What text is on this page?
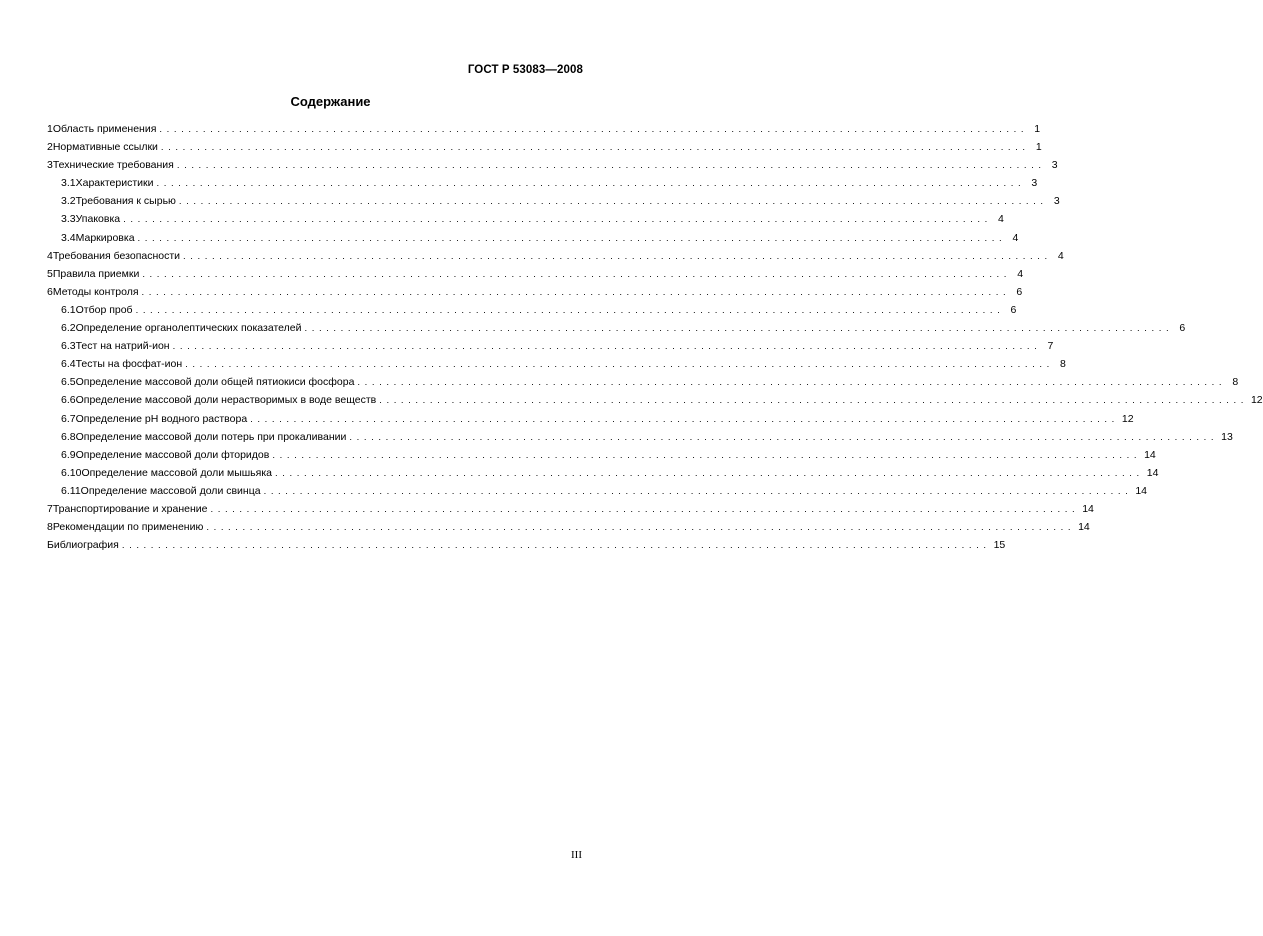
ГОСТ Р 53083—2008
Содержание
1 Область применения ........................................................................................................................ 1
2 Нормативные ссылки ........................................................................................................................ 1
3 Технические требования ........................................................................................................................ 3
3.1 Характеристики ........................................................................................................................ 3
3.2 Требования к сырью ........................................................................................................................ 3
3.3 Упаковка ........................................................................................................................ 4
3.4 Маркировка ........................................................................................................................ 4
4 Требования безопасности ........................................................................................................................ 4
5 Правила приемки ........................................................................................................................ 4
6 Методы контроля ........................................................................................................................ 6
6.1 Отбор проб ........................................................................................................................ 6
6.2 Определение органолептических показателей ........................................................................................................................ 6
6.3 Тест на натрий-ион ........................................................................................................................ 7
6.4 Тесты на фосфат-ион ........................................................................................................................ 8
6.5 Определение массовой доли общей пятиокиси фосфора ........................................................................................................................ 8
6.6 Определение массовой доли нерастворимых в воде веществ ........................................................................................................................ 12
6.7 Определение pH водного раствора ........................................................................................................................ 12
6.8 Определение массовой доли потерь при прокаливании ........................................................................................................................ 13
6.9 Определение массовой доли фторидов ........................................................................................................................ 14
6.10 Определение массовой доли мышьяка ........................................................................................................................ 14
6.11 Определение массовой доли свинца ........................................................................................................................ 14
7 Транспортирование и хранение ........................................................................................................................ 14
8 Рекомендации по применению ........................................................................................................................ 14
Библиография ........................................................................................................................ 15
III
